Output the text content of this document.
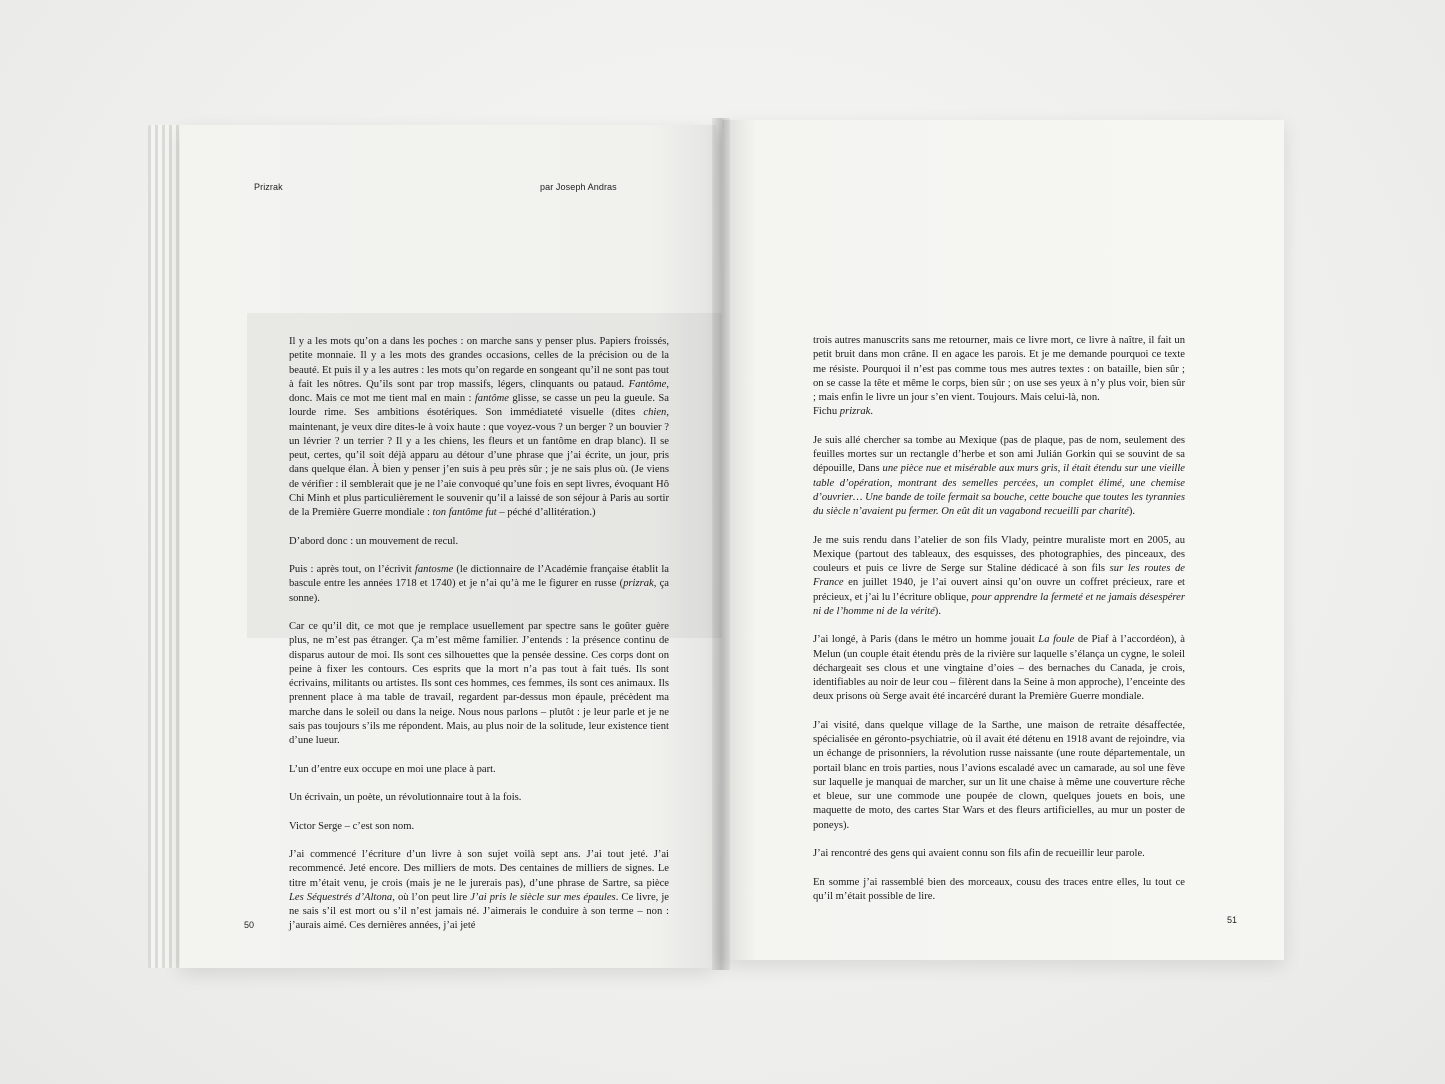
Prizrak	par Joseph Andras

Il y a les mots qu’on a dans les poches : on marche sans y penser plus. Papiers froissés, petite monnaie. Il y a les mots des grandes occasions, celles de la précision ou de la beauté. Et puis il y a les autres : les mots qu’on regarde en songeant qu’il ne sont pas tout à fait les nôtres. Qu’ils sont par trop massifs, légers, clinquants ou pataud. Fantôme, donc. Mais ce mot me tient mal en main : fantôme glisse, se casse un peu la gueule. Sa lourde rime. Ses ambitions ésotériques. Son immédiateté visuelle (dites chien, maintenant, je veux dire dites-le à voix haute : que voyez-vous ? un berger ? un bouvier ? un lévrier ? un terrier ? Il y a les chiens, les fleurs et un fantôme en drap blanc). Il se peut, certes, qu’il soit déjà apparu au détour d’une phrase que j’ai écrite, un jour, pris dans quelque élan. À bien y penser j’en suis à peu près sûr ; je ne sais plus où. (Je viens de vérifier : il semblerait que je ne l’aie convoqué qu’une fois en sept livres, évoquant Hô Chi Minh et plus particulièrement le souvenir qu’il a laissé de son séjour à Paris au sortir de la Première Guerre mondiale : ton fantôme fut – péché d’allitération.)

D’abord donc : un mouvement de recul.

Puis : après tout, on l’écrivit fantosme (le dictionnaire de l’Académie française établit la bascule entre les années 1718 et 1740) et je n’ai qu’à me le figurer en russe (prizrak, ça sonne).

Car ce qu’il dit, ce mot que je remplace usuellement par spectre sans le goûter guère plus, ne m’est pas étranger. Ça m’est même familier. J’entends : la présence continu de disparus autour de moi. Ils sont ces silhouettes que la pensée dessine. Ces corps dont on peine à fixer les contours. Ces esprits que la mort n’a pas tout à fait tués. Ils sont écrivains, militants ou artistes. Ils sont ces hommes, ces femmes, ils sont ces animaux. Ils prennent place à ma table de travail, regardent par-dessus mon épaule, précèdent ma marche dans le soleil ou dans la neige. Nous nous parlons – plutôt : je leur parle et je ne sais pas toujours s’ils me répondent. Mais, au plus noir de la solitude, leur existence tient d’une lueur.

L’un d’entre eux occupe en moi une place à part.

Un écrivain, un poète, un révolutionnaire tout à la fois.

Victor Serge – c’est son nom.

J’ai commencé l’écriture d’un livre à son sujet voilà sept ans. J’ai tout jeté. J’ai recommencé. Jeté encore. Des milliers de mots. Des centaines de milliers de signes. Le titre m’était venu, je crois (mais je ne le jurerais pas), d’une phrase de Sartre, sa pièce Les Séquestrés d’Altona, où l’on peut lire J’ai pris le siècle sur mes épaules. Ce livre, je ne sais s’il est mort ou s’il n’est jamais né. J’aimerais le conduire à son terme – non : j’aurais aimé. Ces dernières années, j’ai jeté

trois autres manuscrits sans me retourner, mais ce livre mort, ce livre à naître, il fait un petit bruit dans mon crâne. Il en agace les parois. Et je me demande pourquoi ce texte me résiste. Pourquoi il n’est pas comme tous mes autres textes : on bataille, bien sûr ; on se casse la tête et même le corps, bien sûr ; on use ses yeux à n’y plus voir, bien sûr ; mais enfin le livre un jour s’en vient. Toujours. Mais celui-là, non.

Fichu prizrak.

Je suis allé chercher sa tombe au Mexique (pas de plaque, pas de nom, seulement des feuilles mortes sur un rectangle d’herbe et son ami Julián Gorkin qui se souvint de sa dépouille, Dans une pièce nue et misérable aux murs gris, il était étendu sur une vieille table d’opération, montrant des semelles percées, un complet élimé, une chemise d’ouvrier… Une bande de toile fermait sa bouche, cette bouche que toutes les tyrannies du siècle n’avaient pu fermer. On eût dit un vagabond recueilli par charité).

Je me suis rendu dans l’atelier de son fils Vlady, peintre muraliste mort en 2005, au Mexique (partout des tableaux, des esquisses, des photographies, des pinceaux, des couleurs et puis ce livre de Serge sur Staline dédicacé à son fils sur les routes de France en juillet 1940, je l’ai ouvert ainsi qu’on ouvre un coffret précieux, rare et précieux, et j’ai lu l’écriture oblique, pour apprendre la fermeté et ne jamais désespérer ni de l’homme ni de la vérité).

J’ai longé, à Paris (dans le métro un homme jouait La foule de Piaf à l’accordéon), à Melun (un couple était étendu près de la rivière sur laquelle s’élança un cygne, le soleil déchargeait ses clous et une vingtaine d’oies – des bernaches du Canada, je crois, identifiables au noir de leur cou – filèrent dans la Seine à mon approche), l’enceinte des deux prisons où Serge avait été incarcéré durant la Première Guerre mondiale.

J’ai visité, dans quelque village de la Sarthe, une maison de retraite désaffectée, spécialisée en géronto-psychiatrie, où il avait été détenu en 1918 avant de rejoindre, via un échange de prisonniers, la révolution russe naissante (une route départementale, un portail blanc en trois parties, nous l’avions escaladé avec un camarade, au sol une fève sur laquelle je manquai de marcher, sur un lit une chaise à même une couverture rêche et bleue, sur une commode une poupée de clown, quelques jouets en bois, une maquette de moto, des cartes Star Wars et des fleurs artificielles, au mur un poster de poneys).

J’ai rencontré des gens qui avaient connu son fils afin de recueillir leur parole.

En somme j’ai rassemblé bien des morceaux, cousu des traces entre elles, lu tout ce qu’il m’était possible de lire.

50	51
